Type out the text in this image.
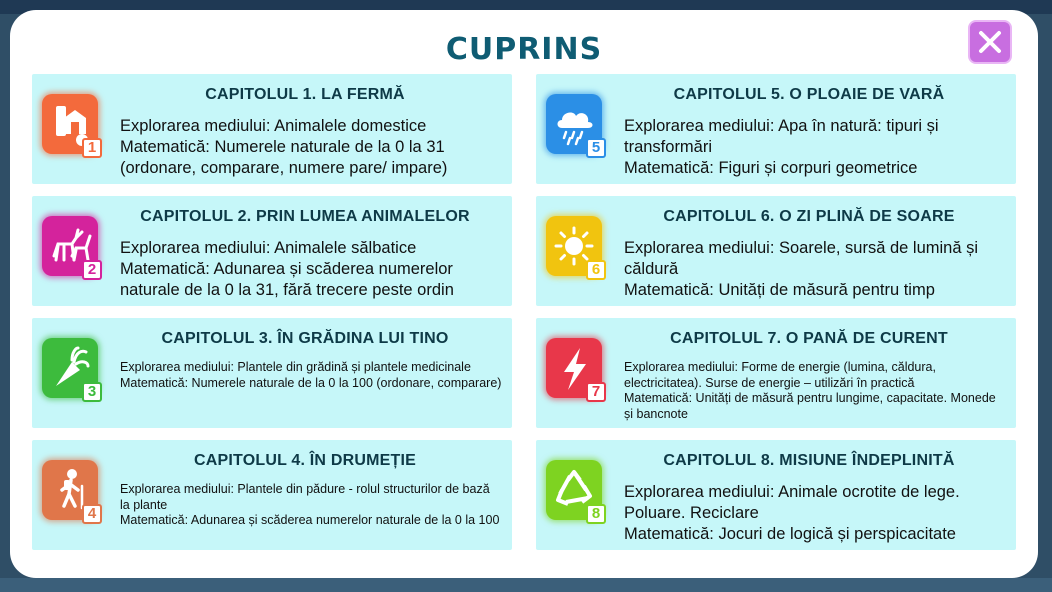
CUPRINS
1
CAPITOLUL 1. LA FERMĂ
Explorarea mediului: Animalele domestice
Matematică: Numerele naturale de la 0 la 31 (ordonare, comparare, numere pare/ impare)
2
CAPITOLUL 2. PRIN LUMEA ANIMALELOR
Explorarea mediului: Animalele sălbatice
Matematică: Adunarea și scăderea numerelor naturale de la 0 la 31, fără trecere peste ordin
3
CAPITOLUL 3. ÎN GRĂDINA LUI TINO
Explorarea mediului: Plantele din grădină și plantele medicinale
Matematică: Numerele naturale de la 0 la 100 (ordonare, comparare)
4
CAPITOLUL 4. ÎN DRUMEȚIE
Explorarea mediului: Plantele din pădure - rolul structurilor de bază la plante
Matematică: Adunarea și scăderea numerelor naturale de la 0 la 100
5
CAPITOLUL 5. O PLOAIE DE VARĂ
Explorarea mediului: Apa în natură: tipuri și transformări
Matematică: Figuri și corpuri geometrice
6
CAPITOLUL 6. O ZI PLINĂ DE SOARE
Explorarea mediului: Soarele, sursă de lumină și căldură
Matematică: Unități de măsură pentru timp
7
CAPITOLUL 7. O PANĂ DE CURENT
Explorarea mediului: Forme de energie (lumina, căldura, electricitatea). Surse de energie – utilizări în practică
Matematică: Unități de măsură pentru lungime, capacitate. Monede și bancnote
8
CAPITOLUL 8. MISIUNE ÎNDEPLINITĂ
Explorarea mediului: Animale ocrotite de lege. Poluare. Reciclare
Matematică: Jocuri de logică și perspicacitate
